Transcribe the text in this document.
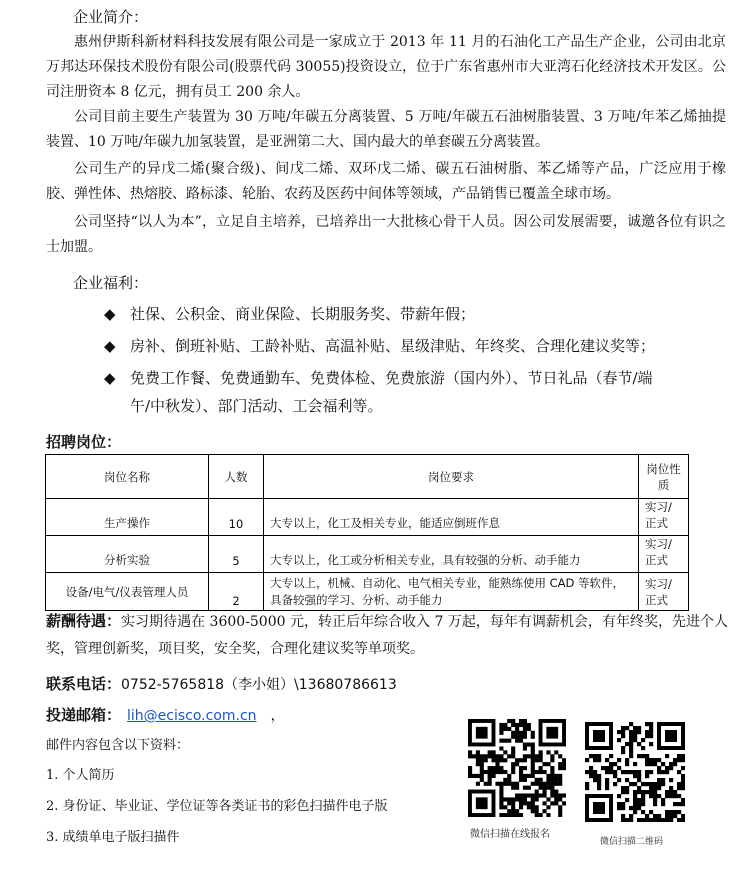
企业简介：
惠州伊斯科新材料科技发展有限公司是一家成立于 2013 年 11 月的石油化工产品生产企业，公司由北京万邦达环保技术股份有限公司(股票代码 30055)投资设立，位于广东省惠州市大亚湾石化经济技术开发区。公司注册资本 8 亿元，拥有员工 200 余人。
公司目前主要生产装置为 30 万吨/年碳五分离装置、5 万吨/年碳五石油树脂装置、3 万吨/年苯乙烯抽提装置、10 万吨/年碳九加氢装置，是亚洲第二大、国内最大的单套碳五分离装置。
公司生产的异戊二烯(聚合级)、间戊二烯、双环戊二烯、碳五石油树脂、苯乙烯等产品，广泛应用于橡胶、弹性体、热熔胶、路标漆、轮胎、农药及医药中间体等领域，产品销售已覆盖全球市场。
公司坚持“以人为本”，立足自主培养，已培养出一大批核心骨干人员。因公司发展需要，诚邀各位有识之士加盟。
企业福利：
◆ 社保、公积金、商业保险、长期服务奖、带薪年假；
◆ 房补、倒班补贴、工龄补贴、高温补贴、星级津贴、年终奖、合理化建议奖等；
◆ 免费工作餐、免费通勤车、免费体检、免费旅游（国内外）、节日礼品（春节/端
午/中秋发）、部门活动、工会福利等。
招聘岗位：
岗位名称	人数	岗位要求	岗位性质
生产操作	10	大专以上，化工及相关专业，能适应倒班作息	实习/正式
分析实验	5	大专以上，化工或分析相关专业，具有较强的分析、动手能力	实习/正式
设备/电气/仪表管理人员	2	大专以上，机械、自动化、电气相关专业，能熟练使用 CAD 等软件，具备较强的学习、分析、动手能力	实习/正式
薪酬待遇：实习期待遇在 3600-5000 元，转正后年综合收入 7 万起，每年有调薪机会，有年终奖，先进个人奖，管理创新奖，项目奖，安全奖，合理化建议奖等单项奖。
联系电话：0752-5765818（李小姐）\13680786613
投递邮箱： lih@ecisco.com.cn ，
邮件内容包含以下资料：
1. 个人简历
2. 身份证、毕业证、学位证等各类证书的彩色扫描件电子版
3. 成绩单电子版扫描件	微信扫描在线报名
微信扫描二维码
